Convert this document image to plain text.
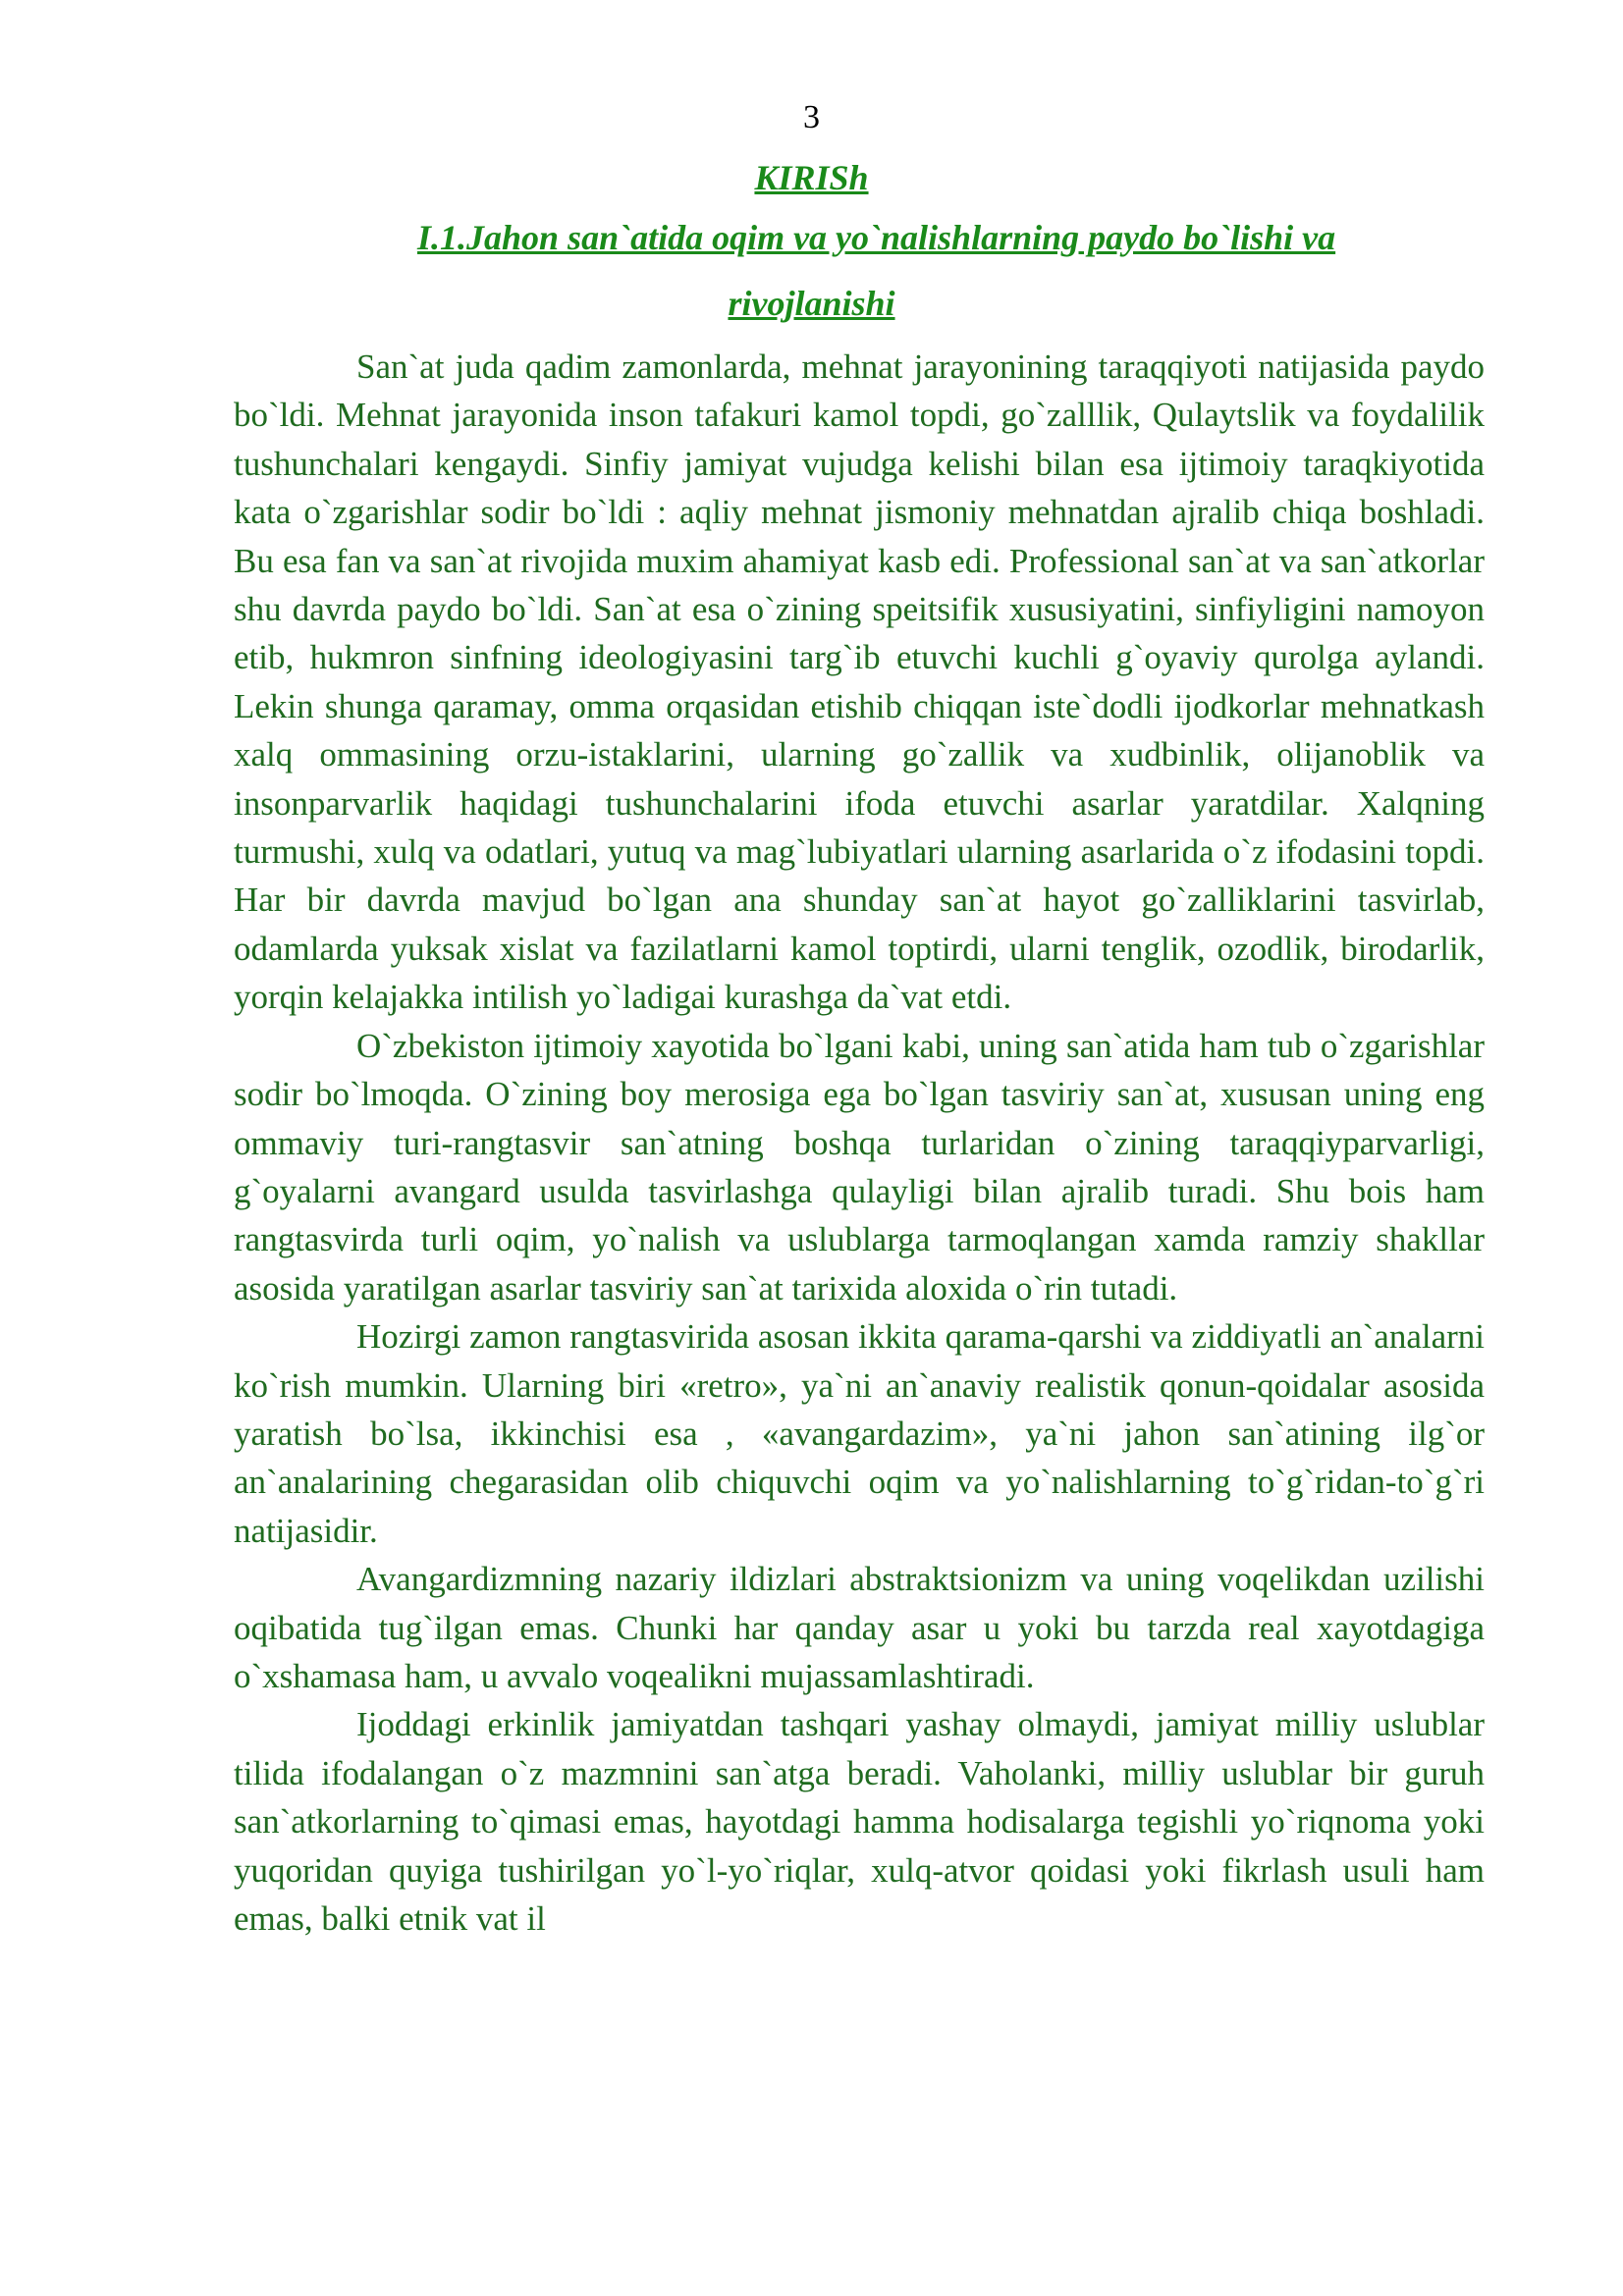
3
KIRISh
I.1.Jahon san`atida oqim va yo`nalishlarning paydo bo`lishi va
rivojlanishi

San`at juda qadim zamonlarda, mehnat jarayonining taraqqiyoti natijasida paydo bo`ldi. Mehnat jarayonida inson tafakuri kamol topdi, go`zalllik, Qulaytslik va foydalilik tushunchalari kengaydi. Sinfiy jamiyat vujudga kelishi bilan esa ijtimoiy taraqkiyotida kata o`zgarishlar sodir bo`ldi : aqliy mehnat jismoniy mehnatdan ajralib chiqa boshladi. Bu esa fan va san`at rivojida muxim ahamiyat kasb edi. Professional san`at va san`atkorlar shu davrda paydo bo`ldi. San`at esa o`zining speitsifik xususiyatini, sinfiyligini namoyon etib, hukmron sinfning ideologiyasini targ`ib etuvchi kuchli g`oyaviy qurolga aylandi. Lekin shunga qaramay, omma orqasidan etishib chiqqan iste`dodli ijodkorlar mehnatkash xalq ommasining orzu-istaklarini, ularning go`zallik va xudbinlik, olijanoblik va insonparvarlik haqidagi tushunchalarini ifoda etuvchi asarlar yaratdilar. Xalqning turmushi, xulq va odatlari, yutuq va mag`lubiyatlari ularning asarlarida o`z ifodasini topdi. Har bir davrda mavjud bo`lgan ana shunday san`at hayot go`zalliklarini tasvirlab, odamlarda yuksak xislat va fazilatlarni kamol toptirdi, ularni tenglik, ozodlik, birodarlik, yorqin kelajakka intilish yo`ladigai kurashga da`vat etdi.

O`zbekiston ijtimoiy xayotida bo`lgani kabi, uning san`atida ham tub o`zgarishlar sodir bo`lmoqda. O`zining boy merosiga ega bo`lgan tasviriy san`at, xususan uning eng ommaviy turi-rangtasvir san`atning boshqa turlaridan o`zining taraqqiyparvarligi, g`oyalarni avangard usulda tasvirlashga qulayligi bilan ajralib turadi. Shu bois ham rangtasvirda turli oqim, yo`nalish va uslublarga tarmoqlangan xamda ramziy shakllar asosida yaratilgan asarlar tasviriy san`at tarixida aloxida o`rin tutadi.

Hozirgi zamon rangtasvirida asosan ikkita qarama-qarshi va ziddiyatli an`analarni ko`rish mumkin. Ularning biri «retro», ya`ni an`anaviy realistik qonun-qoidalar asosida yaratish bo`lsa, ikkinchisi esa , «avangardazim», ya`ni jahon san`atining ilg`or an`analarining chegarasidan olib chiquvchi oqim va yo`nalishlarning to`g`ridan-to`g`ri natijasidir.

Avangardizmning nazariy ildizlari abstraktsionizm va uning voqelikdan uzilishi oqibatida tug`ilgan emas. Chunki har qanday asar u yoki bu tarzda real xayotdagiga o`xshamasa ham, u avvalo voqealikni mujassamlashtiradi.

Ijoddagi erkinlik jamiyatdan tashqari yashay olmaydi, jamiyat milliy uslublar tilida ifodalangan o`z mazmnini san`atga beradi. Vaholanki, milliy uslublar bir guruh san`atkorlarning to`qimasi emas, hayotdagi hamma hodisalarga tegishli yo`riqnoma yoki yuqoridan quyiga tushirilgan yo`l-yo`riqlar, xulq-atvor qoidasi yoki fikrlash usuli ham emas, balki etnik vat il
